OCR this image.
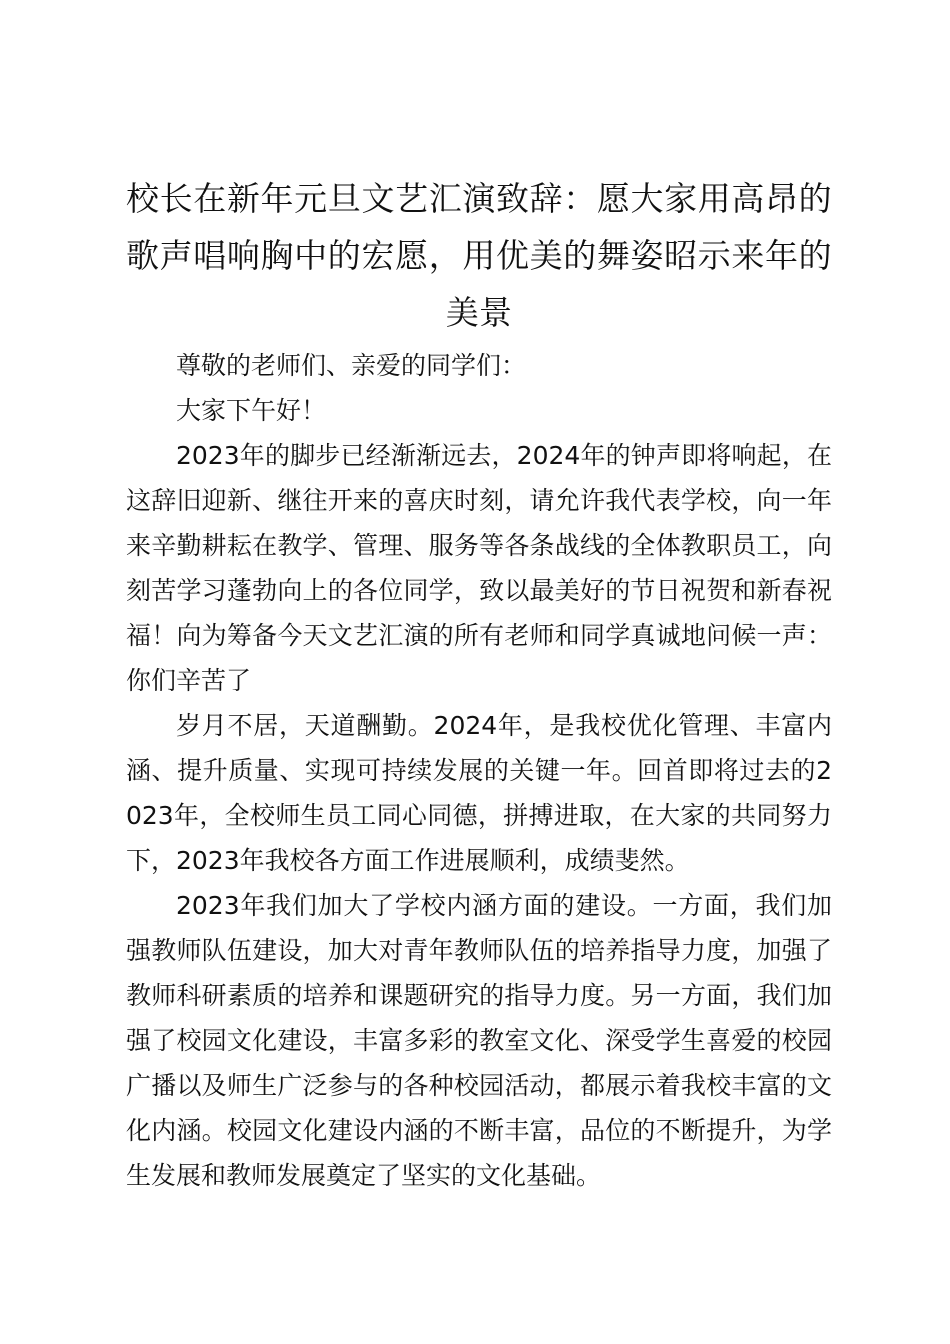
校长在新年元旦文艺汇演致辞：愿大家用高昂的歌声唱响胸中的宏愿，用优美的舞姿昭示来年的美景

尊敬的老师们、亲爱的同学们：

大家下午好！

2023年的脚步已经渐渐远去，2024年的钟声即将响起，在这辞旧迎新、继往开来的喜庆时刻，请允许我代表学校，向一年来辛勤耕耘在教学、管理、服务等各条战线的全体教职员工，向刻苦学习蓬勃向上的各位同学，致以最美好的节日祝贺和新春祝福！向为筹备今天文艺汇演的所有老师和同学真诚地问候一声：你们辛苦了

岁月不居，天道酬勤。2024年，是我校优化管理、丰富内涵、提升质量、实现可持续发展的关键一年。回首即将过去的2023年，全校师生员工同心同德，拼搏进取，在大家的共同努力下，2023年我校各方面工作进展顺利，成绩斐然。

2023年我们加大了学校内涵方面的建设。一方面，我们加强教师队伍建设，加大对青年教师队伍的培养指导力度，加强了教师科研素质的培养和课题研究的指导力度。另一方面，我们加强了校园文化建设，丰富多彩的教室文化、深受学生喜爱的校园广播以及师生广泛参与的各种校园活动，都展示着我校丰富的文化内涵。校园文化建设内涵的不断丰富，品位的不断提升，为学生发展和教师发展奠定了坚实的文化基础。
